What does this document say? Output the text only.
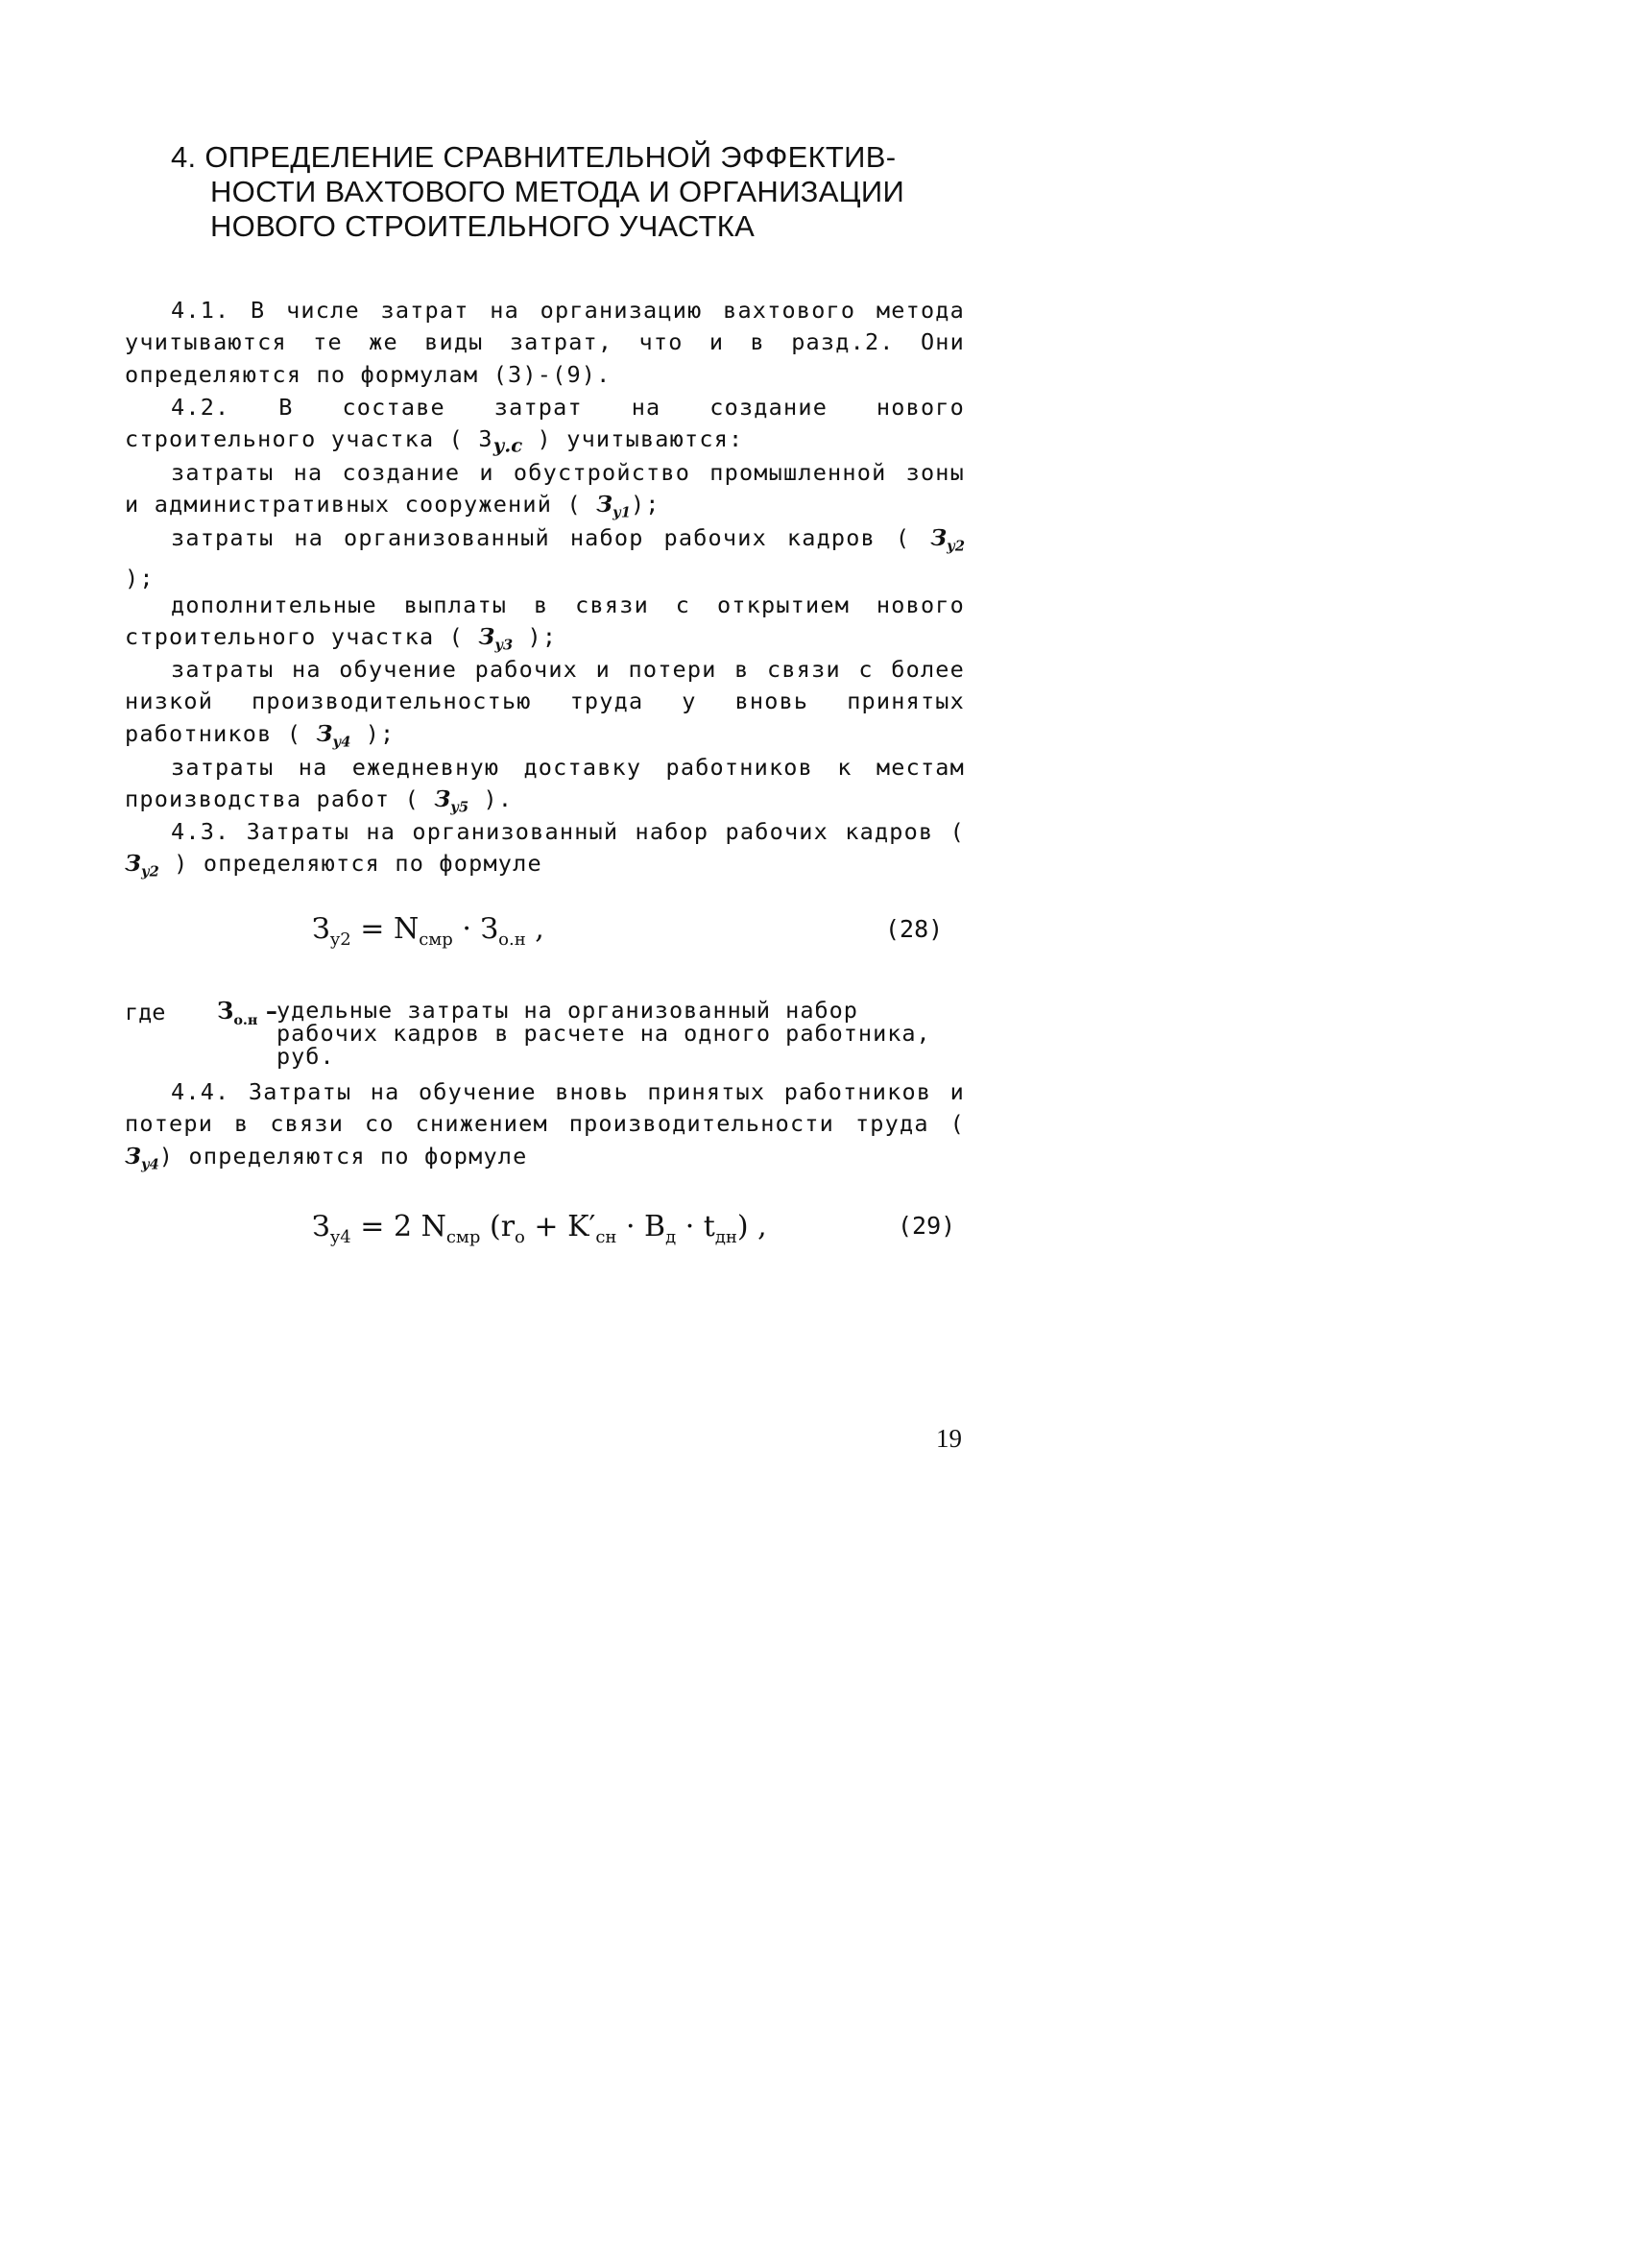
4. ОПРЕДЕЛЕНИЕ СРАВНИТЕЛЬНОЙ ЭФФЕКТИВ-
НОСТИ ВАХТОВОГО МЕТОДА И ОРГАНИЗАЦИИ
НОВОГО СТРОИТЕЛЬНОГО УЧАСТКА
4.1. В числе затрат на организацию вахтового метода учитываются те же виды затрат, что и в разд.2. Они определяются по формулам (3)-(9).
4.2. В составе затрат на создание нового строительного участка ( $З_{у.с}$ ) учитываются:
затраты на создание и обустройство промышленной зоны и административных сооружений ( $З_{у1}$);
затраты на организованный набор рабочих кадров ( $З_{у2}$ );
дополнительные выплаты в связи с открытием нового строительного участка ( $З_{у3}$ );
затраты на обучение рабочих и потери в связи с более низкой производительностью труда у вновь принятых работников ( $З_{у4}$ );
затраты на ежедневную доставку работников к местам производства работ ( $З_{у5}$ ).
4.3. Затраты на организованный набор рабочих кадров ( $З_{у2}$ ) определяются по формуле
$З_{у2} = N_{смр} \cdot З_{о.н}$ ,	(28)
где $З_{о.н}$ – удельные затраты на организованный набор рабочих кадров в расчете на одного работника, руб.
4.4. Затраты на обучение вновь принятых работников и потери в связи со снижением производительности труда ( $З_{у4}$) определяются по формуле
$З_{у4} = 2$ $N_{смр}$ $(r_о + K'_{сн} \cdot В_д \cdot t_{дн})$ ,	(29)
19
